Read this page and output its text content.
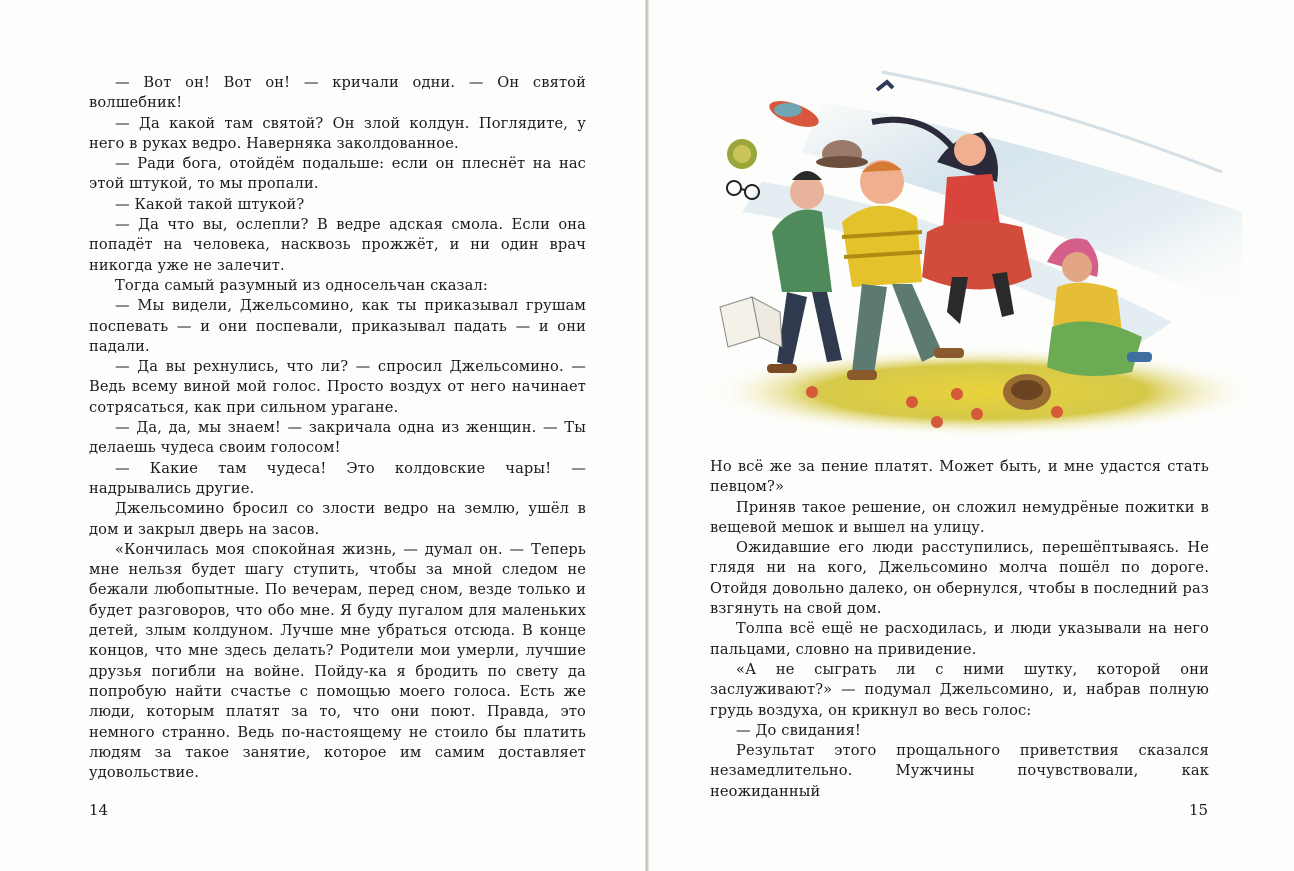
— Вот он! Вот он! — кричали одни. — Он святой волшебник!

— Да какой там святой? Он злой колдун. Поглядите, у него в руках ведро. Наверняка заколдованное.

— Ради бога, отойдём подальше: если он плеснёт на нас этой штукой, то мы пропали.

— Какой такой штукой?

— Да что вы, ослепли? В ведре адская смола. Если она попадёт на человека, насквозь прожжёт, и ни один врач никогда уже не залечит.

Тогда самый разумный из односельчан сказал:

— Мы видели, Джельсомино, как ты приказывал грушам поспевать — и они поспевали, приказывал падать — и они падали.

— Да вы рехнулись, что ли? — спросил Джельсомино. — Ведь всему виной мой голос. Просто воздух от него начинает сотрясаться, как при сильном урагане.

— Да, да, мы знаем! — закричала одна из женщин. — Ты делаешь чудеса своим голосом!

— Какие там чудеса! Это колдовские чары! — надрывались другие.

Джельсомино бросил со злости ведро на землю, ушёл в дом и закрыл дверь на засов.

«Кончилась моя спокойная жизнь, — думал он. — Теперь мне нельзя будет шагу ступить, чтобы за мной следом не бежали любопытные. По вечерам, перед сном, везде только и будет разговоров, что обо мне. Я буду пугалом для маленьких детей, злым колдуном. Лучше мне убраться отсюда. В конце концов, что мне здесь делать? Родители мои умерли, лучшие друзья погибли на войне. Пойду-ка я бродить по свету да попробую найти счастье с помощью моего голоса. Есть же люди, которым платят за то, что они поют. Правда, это немного странно. Ведь по-настоящему не стоило бы платить людям за такое занятие, которое им самим доставляет удовольствие.

14

Но всё же за пение платят. Может быть, и мне удастся стать певцом?»

Приняв такое решение, он сложил немудрёные пожитки в вещевой мешок и вышел на улицу.

Ожидавшие его люди расступились, перешёптываясь. Не глядя ни на кого, Джельсомино молча пошёл по дороге. Отойдя довольно далеко, он обернулся, чтобы в последний раз взгянуть на свой дом.

Толпа всё ещё не расходилась, и люди указывали на него пальцами, словно на привидение.

«А не сыграть ли с ними шутку, которой они заслуживают?» — подумал Джельсомино, и, набрав полную грудь воздуха, он крикнул во весь голос:

— До свидания!

Результат этого прощального приветствия сказался незамедлительно. Мужчины почувствовали, как неожиданный

15
